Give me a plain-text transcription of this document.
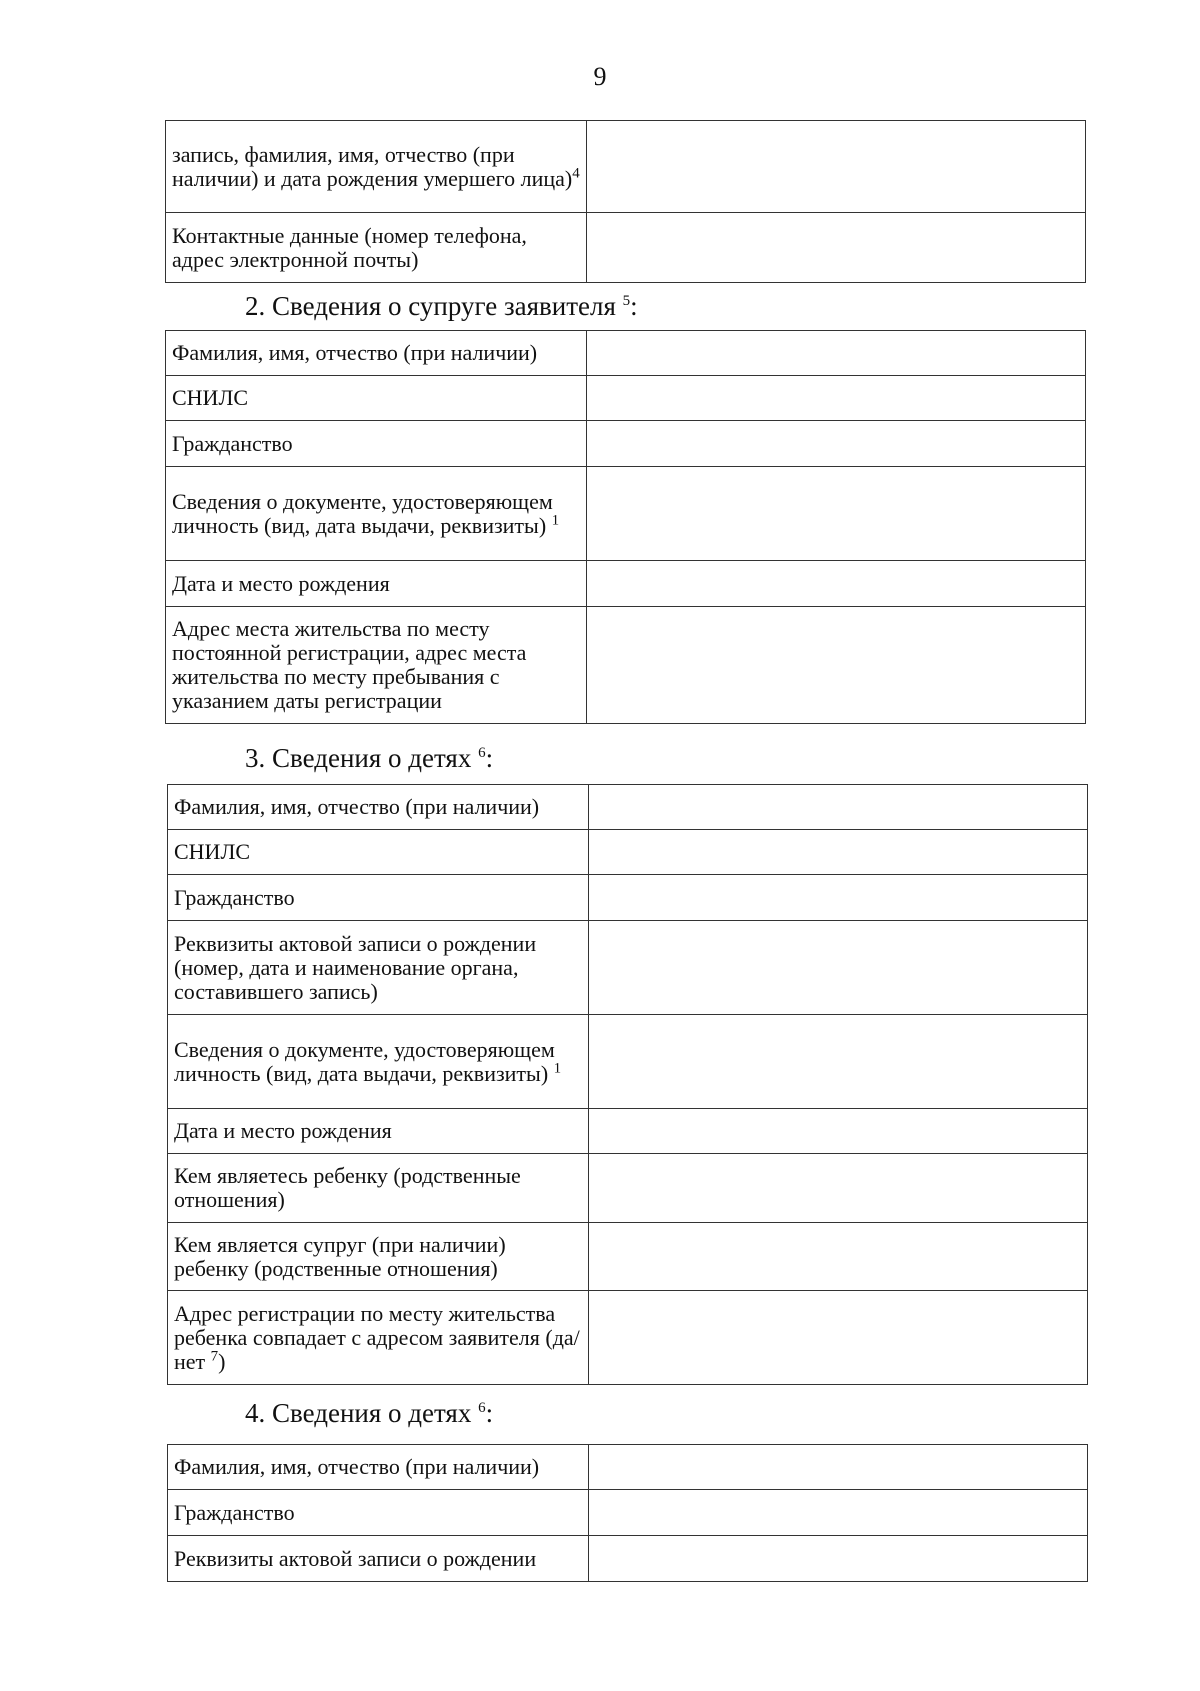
9
запись, фамилия, имя, отчество (при наличии) и дата рождения умершего лица)$^4$	
Контактные данные (номер телефона, адрес электронной почты)	
2. Сведения о супруге заявителя $^5$:
Фамилия, имя, отчество (при наличии)	
СНИЛС	
Гражданство	
Сведения о документе, удостоверяющем личность (вид, дата выдачи, реквизиты) $^1$	
Дата и место рождения	
Адрес места жительства по месту постоянной регистрации, адрес места жительства по месту пребывания с указанием даты регистрации	
3. Сведения о детях $^6$:
Фамилия, имя, отчество (при наличии)	
СНИЛС	
Гражданство	
Реквизиты актовой записи о рождении (номер, дата и наименование органа, составившего запись)	
Сведения о документе, удостоверяющем личность (вид, дата выдачи, реквизиты) $^1$	
Дата и место рождения	
Кем являетесь ребенку (родственные отношения)	
Кем является супруг (при наличии) ребенку (родственные отношения)	
Адрес регистрации по месту жительства ребенка совпадает с адресом заявителя (да/нет $^7$)	
4. Сведения о детях $^6$:
Фамилия, имя, отчество (при наличии)	
Гражданство	
Реквизиты актовой записи о рождении	
